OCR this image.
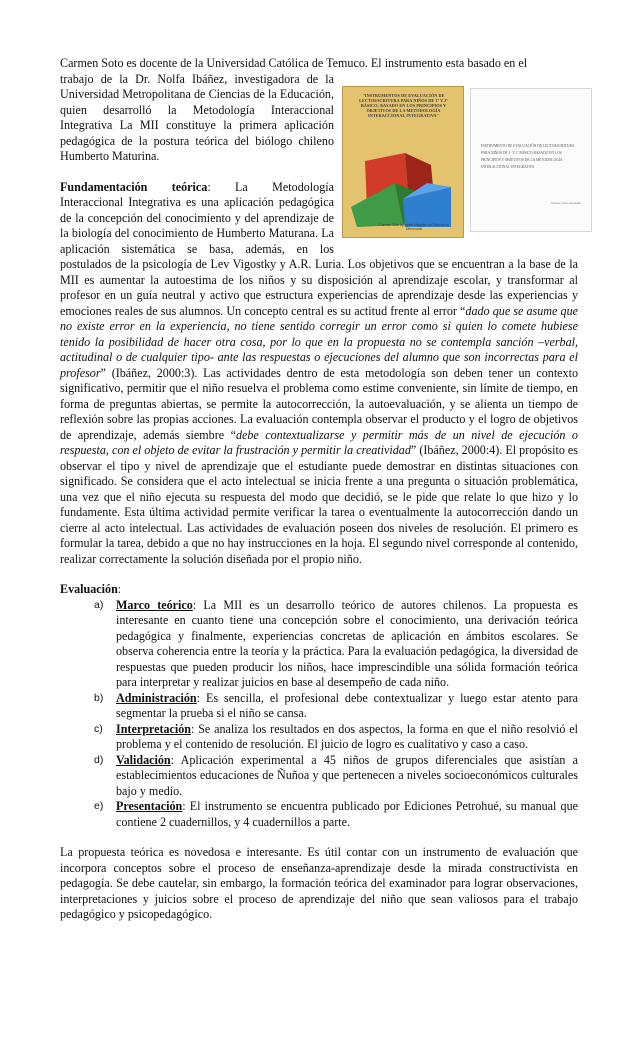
Carmen Soto es docente de la Universidad Católica de Temuco. El instrumento esta basado en el

"INSTRUMENTOS DE EVALUACIÓN DE LECTOESCRITURA PARA NIÑOS DE 1º Y 2º BÁSICO; BASADO EN LOS PRINCIPIOS Y OBJETIVOS DE LA METODOLOGÍA INTERACCIONAL INTEGRATIVA"
Carmen Soto Aymelée Magíster en Educación Diferencial
INSTRUMENTO DE EVALUACIÓN DE LECTOESCRITURA PARA NIÑOS DE 1º Y 2º BÁSICO BASADO EN LOS PRINCIPIOS Y OBJETIVOS DE LA METODOLOGÍA INTERACCIONAL INTEGRATIVA
Carmen Soto Aymelée

trabajo de la Dr. Nolfa Ibáñez, investigadora de la Universidad Metropolitana de Ciencias de la Educación, quien desarrolló la Metodología Interaccional Integrativa La MII constituye la primera aplicación pedagógica de la postura teórica del biólogo chileno Humberto Maturina.

Fundamentación teórica: La Metodología Interaccional Integrativa es una aplicación pedagógica de la concepción del conocimiento y del aprendizaje de la biología del conocimiento de Humberto Maturana. La aplicación sistemática se basa, además, en los postulados de la psicología de Lev Vigostky y A.R. Luria. Los objetivos que se encuentran a la base de la MII es aumentar la autoestima de los niños y su disposición al aprendizaje escolar, y transformar al profesor en un guía neutral y activo que estructura experiencias de aprendizaje desde las experiencias y emociones reales de sus alumnos. Un concepto central es su actitud frente al error “dado que se asume que no existe error en la experiencia, no tiene sentido corregir un error como si quien lo comete hubiese tenido la posibilidad de hacer otra cosa, por lo que en la propuesta no se contempla sanción –verbal, actitudinal o de cualquier tipo- ante las respuestas o ejecuciones del alumno que son incorrectas para el profesor” (Ibáñez, 2000:3). Las actividades dentro de esta metodología son deben tener un contexto significativo, permitir que el niño resuelva el problema como estime conveniente, sin límite de tiempo, en forma de preguntas abiertas, se permite la autocorrección, la autoevaluación, y se alienta un tiempo de reflexión sobre las propias acciones. La evaluación contempla observar el producto y el logro de objetivos de aprendizaje, además siembre “debe contextualizarse y permitir más de un nivel de ejecución o respuesta, con el objeto de evitar la frustración y permitir la creatividad” (Ibáñez, 2000:4). El propósito es observar el tipo y nivel de aprendizaje que el estudiante puede demostrar en distintas situaciones con significado. Se considera que el acto intelectual se inicia frente a una pregunta o situación problemática, una vez que el niño ejecuta su respuesta del modo que decidió, se le pide que relate lo que hizo y lo fundamente. Esta última actividad permite verificar la tarea o eventualmente la autocorrección dando un cierre al acto intelectual. Las actividades de evaluación poseen dos niveles de resolución. El primero es formular la tarea, debido a que no hay instrucciones en la hoja. El segundo nivel corresponde al contenido, realizar correctamente la solución diseñada por el propio niño.

Evaluación:

a) Marco teórico: La MII es un desarrollo teórico de autores chilenos. La propuesta es interesante en cuanto tiene una concepción sobre el conocimiento, una derivación teórica pedagógica y finalmente, experiencias concretas de aplicación en ámbitos escolares. Se observa coherencia entre la teoría y la práctica. Para la evaluación pedagógica, la diversidad de respuestas que pueden producir los niños, hace imprescindible una sólida formación teórica para interpretar y realizar juicios en base al desempeño de cada niño.
b) Administración: Es sencilla, el profesional debe contextualizar y luego estar atento para segmentar la prueba si el niño se cansa.
c) Interpretación: Se analiza los resultados en dos aspectos, la forma en que el niño resolvió el problema y el contenido de resolución. El juicio de logro es cualitativo y caso a caso.
d) Validación: Aplicación experimental a 45 niños de grupos diferenciales que asistían a establecimientos educaciones de Ñuñoa y que pertenecen a niveles socioeconómicos culturales bajo y medio.
e) Presentación: El instrumento se encuentra publicado por Ediciones Petrohué, su manual que contiene 2 cuadernillos, y 4 cuadernillos a parte.

La propuesta teórica es novedosa e interesante. Es útil contar con un instrumento de evaluación que incorpora conceptos sobre el proceso de enseñanza-aprendizaje desde la mirada constructivista en pedagogía. Se debe cautelar, sin embargo, la formación teórica del examinador para lograr observaciones, interpretaciones y juicios sobre el proceso de aprendizaje del niño que sean valiosos para el trabajo pedagógico y psicopedagógico.
